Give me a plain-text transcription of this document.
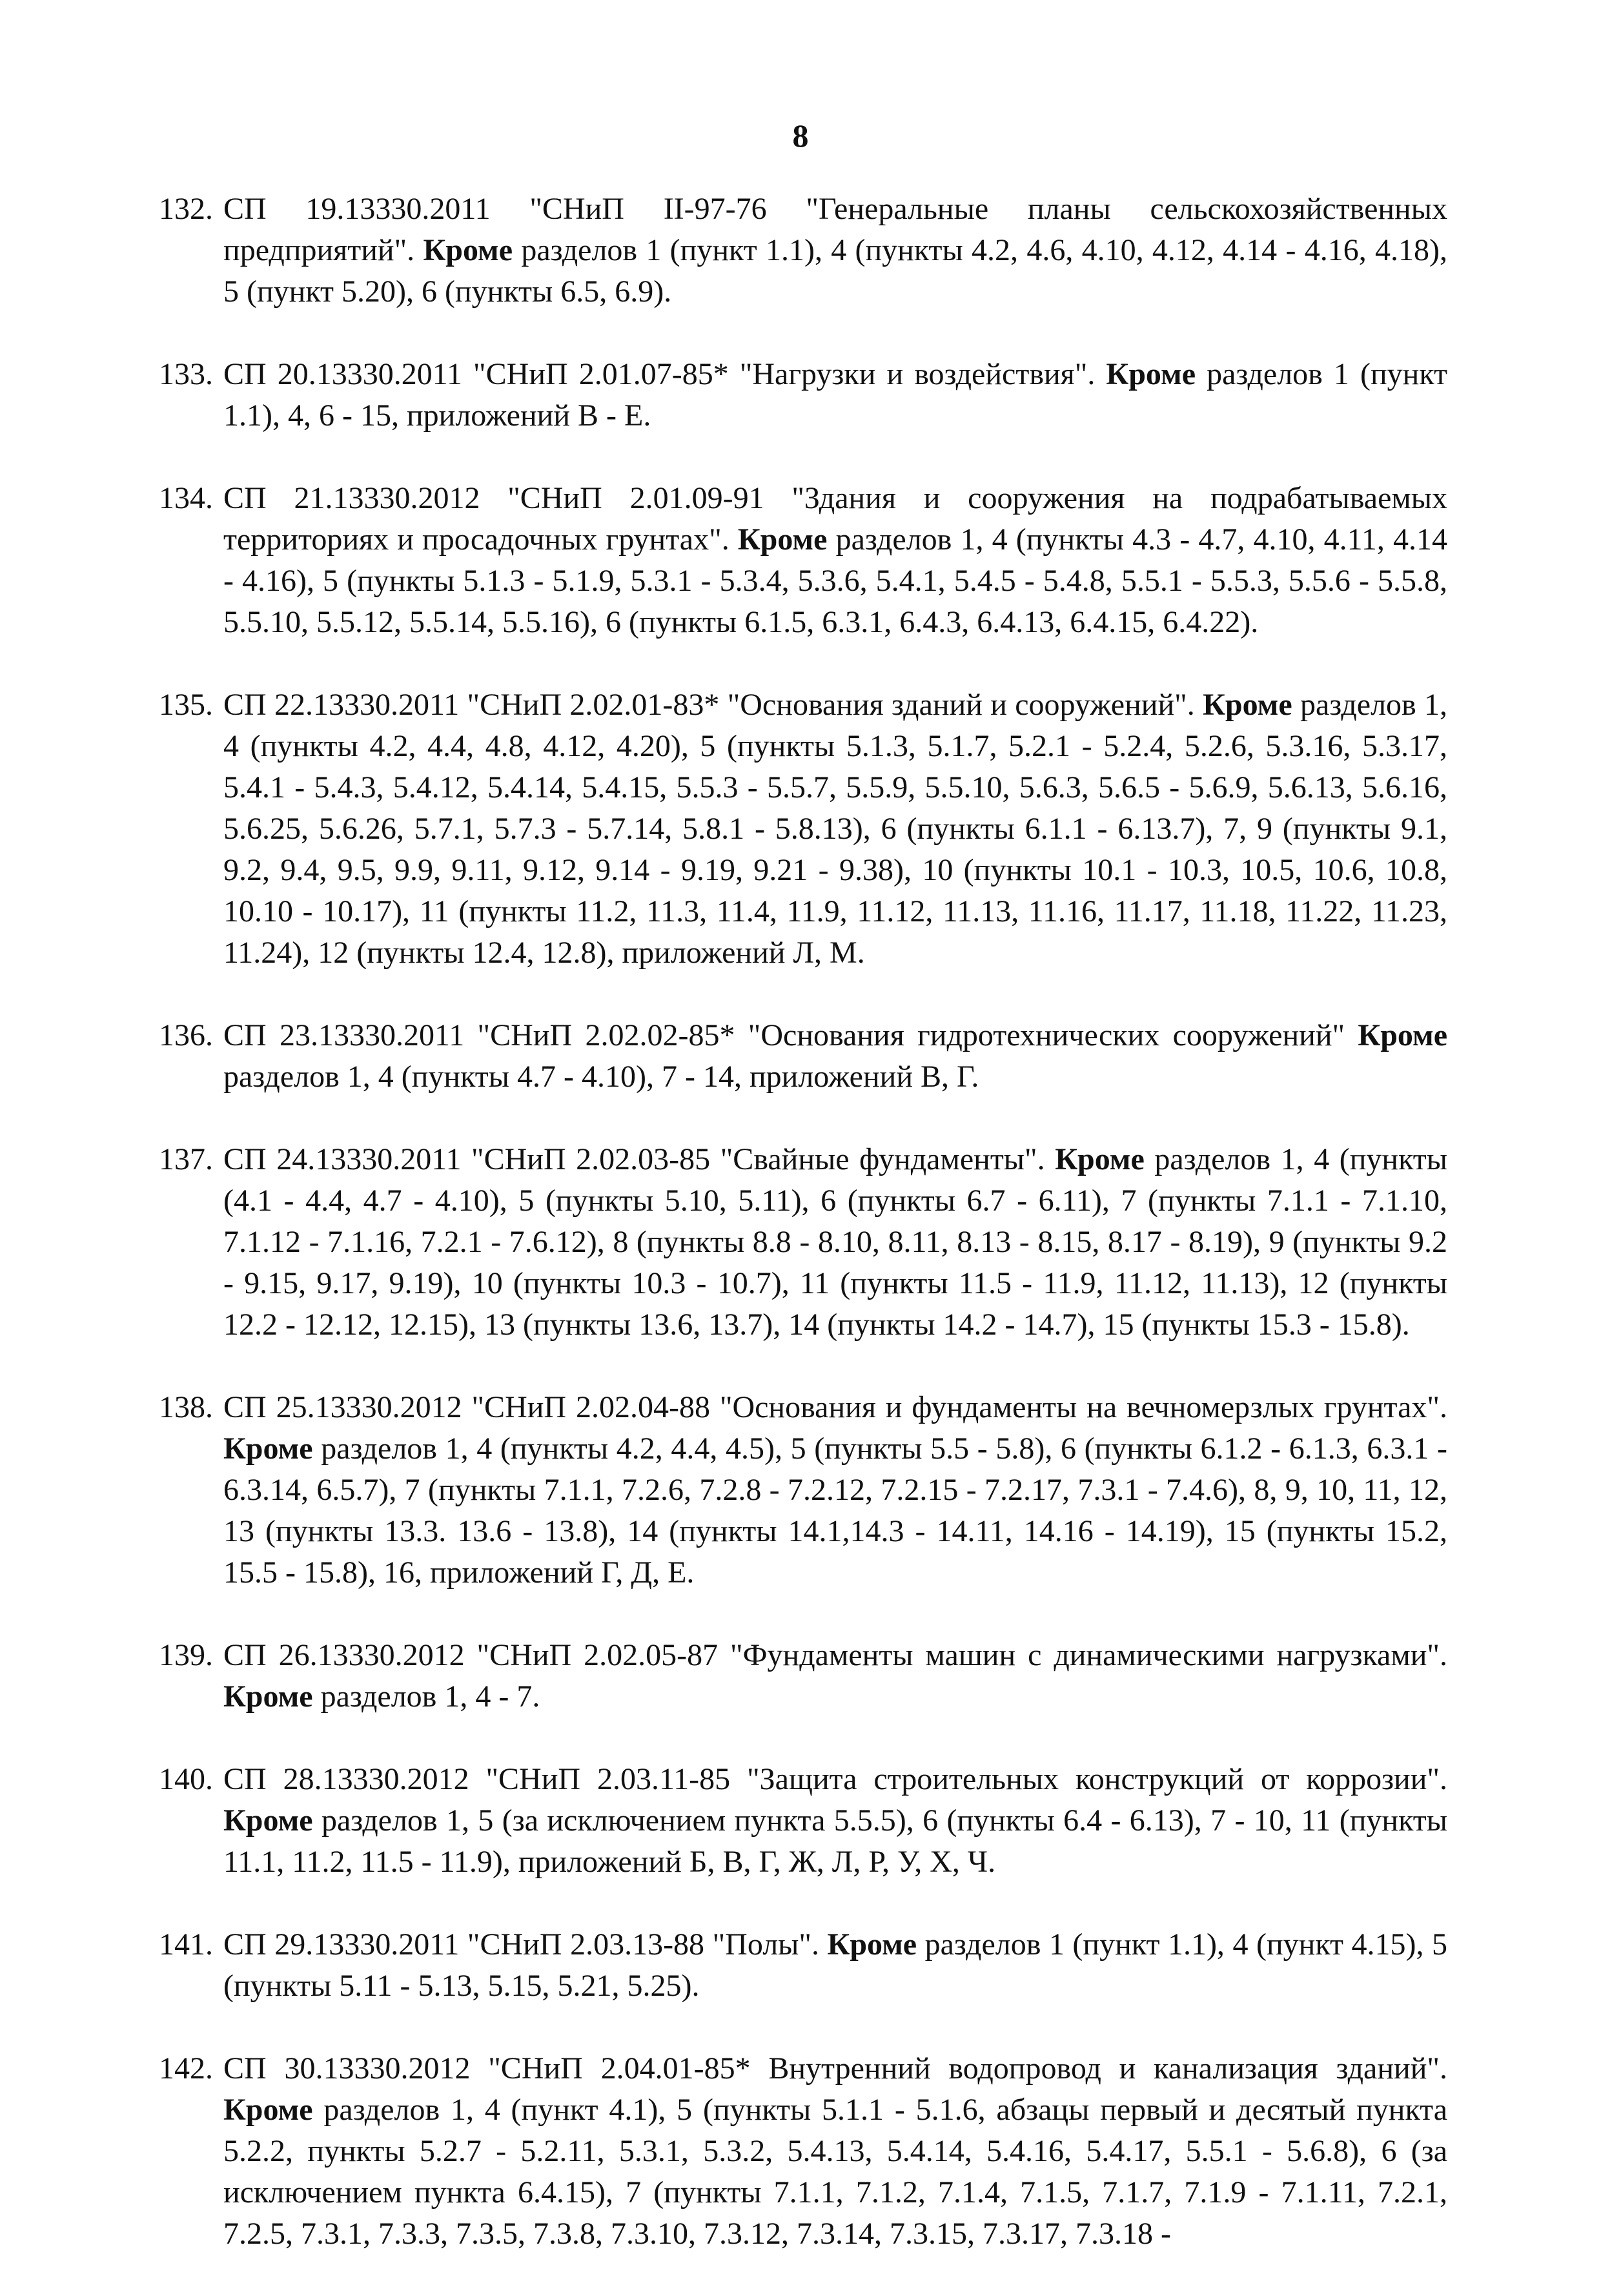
8
132. СП 19.13330.2011 "СНиП II-97-76 "Генеральные планы сельскохозяйственных предприятий". Кроме разделов 1 (пункт 1.1), 4 (пункты 4.2, 4.6, 4.10, 4.12, 4.14 - 4.16, 4.18), 5 (пункт 5.20), 6 (пункты 6.5, 6.9).
133. СП 20.13330.2011 "СНиП 2.01.07-85* "Нагрузки и воздействия". Кроме разделов 1 (пункт 1.1), 4, 6 - 15, приложений В - Е.
134. СП 21.13330.2012 "СНиП 2.01.09-91 "Здания и сооружения на подрабатываемых территориях и просадочных грунтах". Кроме разделов 1, 4 (пункты 4.3 - 4.7, 4.10, 4.11, 4.14 - 4.16), 5 (пункты 5.1.3 - 5.1.9, 5.3.1 - 5.3.4, 5.3.6, 5.4.1, 5.4.5 - 5.4.8, 5.5.1 - 5.5.3, 5.5.6 - 5.5.8, 5.5.10, 5.5.12, 5.5.14, 5.5.16), 6 (пункты 6.1.5, 6.3.1, 6.4.3, 6.4.13, 6.4.15, 6.4.22).
135. СП 22.13330.2011 "СНиП 2.02.01-83* "Основания зданий и сооружений". Кроме разделов 1, 4 (пункты 4.2, 4.4, 4.8, 4.12, 4.20), 5 (пункты 5.1.3, 5.1.7, 5.2.1 - 5.2.4, 5.2.6, 5.3.16, 5.3.17, 5.4.1 - 5.4.3, 5.4.12, 5.4.14, 5.4.15, 5.5.3 - 5.5.7, 5.5.9, 5.5.10, 5.6.3, 5.6.5 - 5.6.9, 5.6.13, 5.6.16, 5.6.25, 5.6.26, 5.7.1, 5.7.3 - 5.7.14, 5.8.1 - 5.8.13), 6 (пункты 6.1.1 - 6.13.7), 7, 9 (пункты 9.1, 9.2, 9.4, 9.5, 9.9, 9.11, 9.12, 9.14 - 9.19, 9.21 - 9.38), 10 (пункты 10.1 - 10.3, 10.5, 10.6, 10.8, 10.10 - 10.17), 11 (пункты 11.2, 11.3, 11.4, 11.9, 11.12, 11.13, 11.16, 11.17, 11.18, 11.22, 11.23, 11.24), 12 (пункты 12.4, 12.8), приложений Л, М.
136. СП 23.13330.2011 "СНиП 2.02.02-85* "Основания гидротехнических сооружений" Кроме разделов 1, 4 (пункты 4.7 - 4.10), 7 - 14, приложений В, Г.
137. СП 24.13330.2011 "СНиП 2.02.03-85 "Свайные фундаменты". Кроме разделов 1, 4 (пункты (4.1 - 4.4, 4.7 - 4.10), 5 (пункты 5.10, 5.11), 6 (пункты 6.7 - 6.11), 7 (пункты 7.1.1 - 7.1.10, 7.1.12 - 7.1.16, 7.2.1 - 7.6.12), 8 (пункты 8.8 - 8.10, 8.11, 8.13 - 8.15, 8.17 - 8.19), 9 (пункты 9.2 - 9.15, 9.17, 9.19), 10 (пункты 10.3 - 10.7), 11 (пункты 11.5 - 11.9, 11.12, 11.13), 12 (пункты 12.2 - 12.12, 12.15), 13 (пункты 13.6, 13.7), 14 (пункты 14.2 - 14.7), 15 (пункты 15.3 - 15.8).
138. СП 25.13330.2012 "СНиП 2.02.04-88 "Основания и фундаменты на вечномерзлых грунтах". Кроме разделов 1, 4 (пункты 4.2, 4.4, 4.5), 5 (пункты 5.5 - 5.8), 6 (пункты 6.1.2 - 6.1.3, 6.3.1 - 6.3.14, 6.5.7), 7 (пункты 7.1.1, 7.2.6, 7.2.8 - 7.2.12, 7.2.15 - 7.2.17, 7.3.1 - 7.4.6), 8, 9, 10, 11, 12, 13 (пункты 13.3. 13.6 - 13.8), 14 (пункты 14.1,14.3 - 14.11, 14.16 - 14.19), 15 (пункты 15.2, 15.5 - 15.8), 16, приложений Г, Д, Е.
139. СП 26.13330.2012 "СНиП 2.02.05-87 "Фундаменты машин с динамическими нагрузками". Кроме разделов 1, 4 - 7.
140. СП 28.13330.2012 "СНиП 2.03.11-85 "Защита строительных конструкций от коррозии". Кроме разделов 1, 5 (за исключением пункта 5.5.5), 6 (пункты 6.4 - 6.13), 7 - 10, 11 (пункты 11.1, 11.2, 11.5 - 11.9), приложений Б, В, Г, Ж, Л, Р, У, Х, Ч.
141. СП 29.13330.2011 "СНиП 2.03.13-88 "Полы". Кроме разделов 1 (пункт 1.1), 4 (пункт 4.15), 5 (пункты 5.11 - 5.13, 5.15, 5.21, 5.25).
142. СП 30.13330.2012 "СНиП 2.04.01-85* Внутренний водопровод и канализация зданий". Кроме разделов 1, 4 (пункт 4.1), 5 (пункты 5.1.1 - 5.1.6, абзацы первый и десятый пункта 5.2.2, пункты 5.2.7 - 5.2.11, 5.3.1, 5.3.2, 5.4.13, 5.4.14, 5.4.16, 5.4.17, 5.5.1 - 5.6.8), 6 (за исключением пункта 6.4.15), 7 (пункты 7.1.1, 7.1.2, 7.1.4, 7.1.5, 7.1.7, 7.1.9 - 7.1.11, 7.2.1, 7.2.5, 7.3.1, 7.3.3, 7.3.5, 7.3.8, 7.3.10, 7.3.12, 7.3.14, 7.3.15, 7.3.17, 7.3.18 -
